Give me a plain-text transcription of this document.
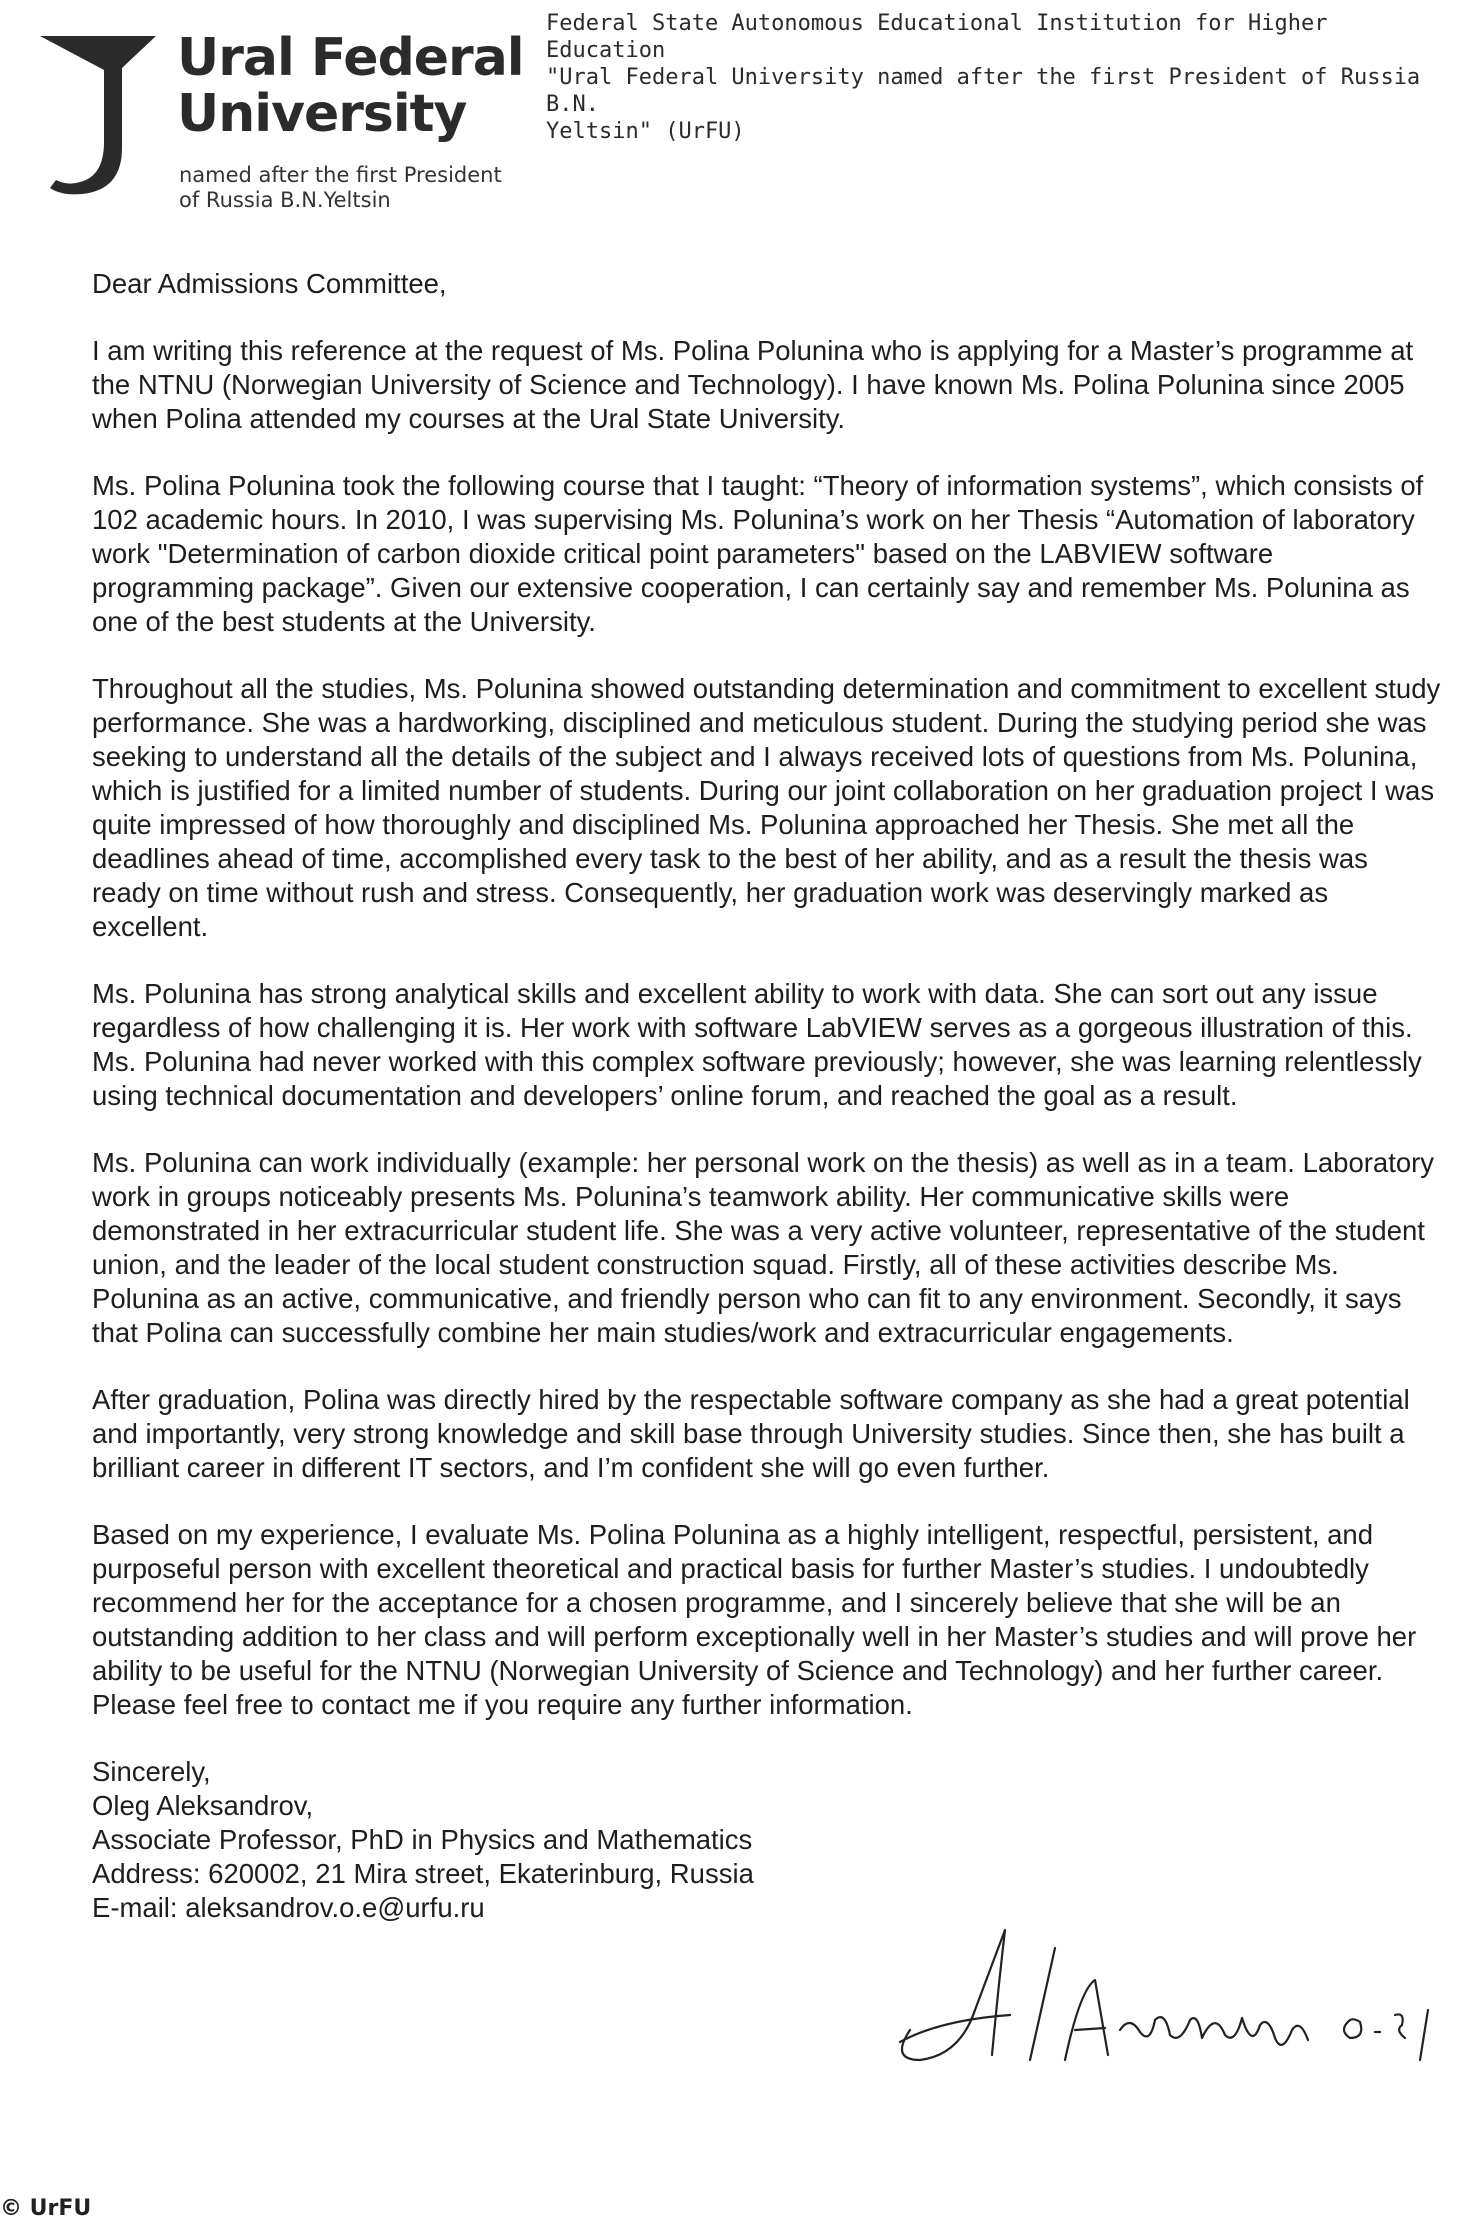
Ural Federal
University
named after the first President
of Russia B.N.Yeltsin
Federal State Autonomous Educational Institution for Higher Education
"Ural Federal University named after the first President of Russia B.N.
Yeltsin" (UrFU)

Dear Admissions Committee,

I am writing this reference at the request of Ms. Polina Polunina who is applying for a Master’s programme at the NTNU (Norwegian University of Science and Technology). I have known Ms. Polina Polunina since 2005 when Polina attended my courses at the Ural State University.

Ms. Polina Polunina took the following course that I taught: “Theory of information systems”, which consists of 102 academic hours. In 2010, I was supervising Ms. Polunina’s work on her Thesis “Automation of laboratory work "Determination of carbon dioxide critical point parameters" based on the LABVIEW software programming package”. Given our extensive cooperation, I can certainly say and remember Ms. Polunina as one of the best students at the University.

Throughout all the studies, Ms. Polunina showed outstanding determination and commitment to excellent study performance. She was a hardworking, disciplined and meticulous student. During the studying period she was seeking to understand all the details of the subject and I always received lots of questions from Ms. Polunina, which is justified for a limited number of students. During our joint collaboration on her graduation project I was quite impressed of how thoroughly and disciplined Ms. Polunina approached her Thesis. She met all the deadlines ahead of time, accomplished every task to the best of her ability, and as a result the thesis was ready on time without rush and stress. Consequently, her graduation work was deservingly marked as excellent.

Ms. Polunina has strong analytical skills and excellent ability to work with data. She can sort out any issue regardless of how challenging it is. Her work with software LabVIEW serves as a gorgeous illustration of this. Ms. Polunina had never worked with this complex software previously; however, she was learning relentlessly using technical documentation and developers’ online forum, and reached the goal as a result.

Ms. Polunina can work individually (example: her personal work on the thesis) as well as in a team. Laboratory work in groups noticeably presents Ms. Polunina’s teamwork ability. Her communicative skills were demonstrated in her extracurricular student life. She was a very active volunteer, representative of the student union, and the leader of the local student construction squad. Firstly, all of these activities describe Ms. Polunina as an active, communicative, and friendly person who can fit to any environment. Secondly, it says that Polina can successfully combine her main studies/work and extracurricular engagements.

After graduation, Polina was directly hired by the respectable software company as she had a great potential and importantly, very strong knowledge and skill base through University studies. Since then, she has built a brilliant career in different IT sectors, and I’m confident she will go even further.

Based on my experience, I evaluate Ms. Polina Polunina as a highly intelligent, respectful, persistent, and purposeful person with excellent theoretical and practical basis for further Master’s studies. I undoubtedly recommend her for the acceptance for a chosen programme, and I sincerely believe that she will be an outstanding addition to her class and will perform exceptionally well in her Master’s studies and will prove her ability to be useful for the NTNU (Norwegian University of Science and Technology) and her further career.

Please feel free to contact me if you require any further information.

Sincerely,

Oleg Aleksandrov,

Associate Professor, PhD in Physics and Mathematics

Address: 620002, 21 Mira street, Ekaterinburg, Russia

E-mail: aleksandrov.o.e@urfu.ru

© UrFU
